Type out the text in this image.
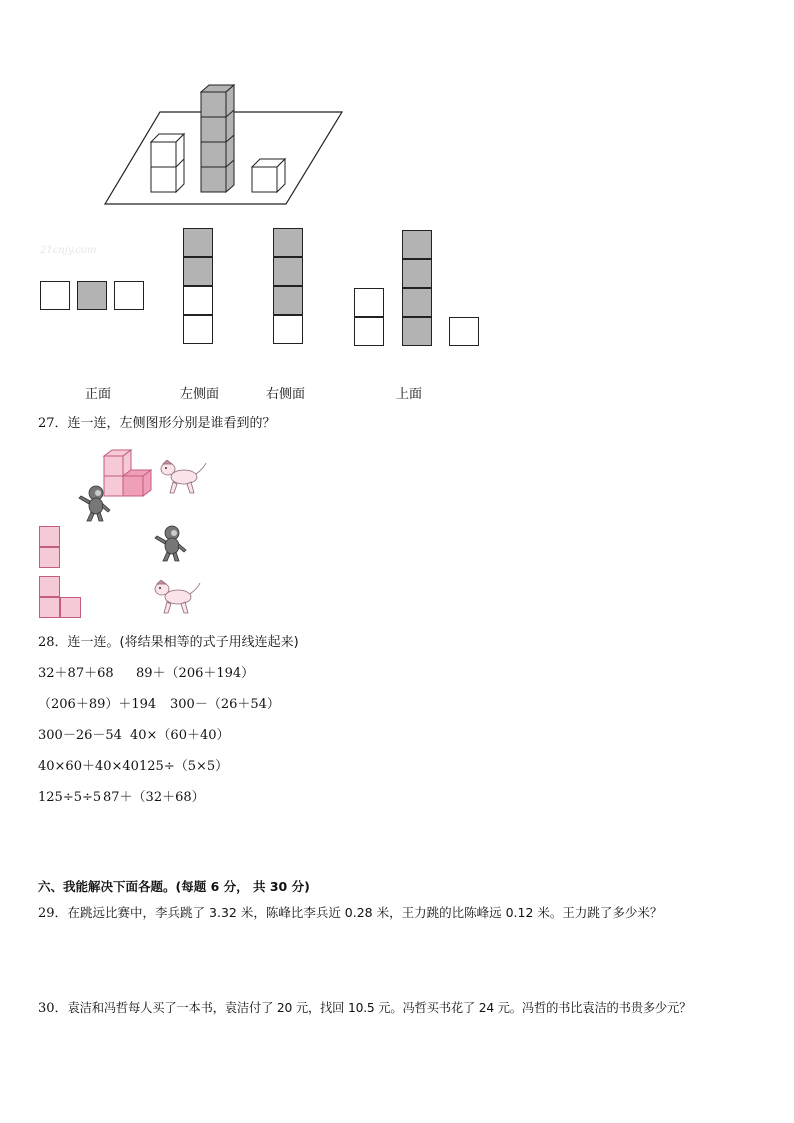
21cnjy.com
正面	左侧面	右侧面	上面
27．连一连，左侧图形分别是谁看到的？
28．连一连。(将结果相等的式子用线连起来)
32＋87＋68 89＋（206＋194）
（206＋89）＋194 300－（26＋54）
300－26－54 40×（60＋40）
40×60＋40×40 125÷（5×5）
125÷5÷5 87＋（32＋68）
六、我能解决下面各题。(每题 6 分， 共 30 分)
29．在跳远比赛中，李兵跳了 3.32 米，陈峰比李兵近 0.28 米，王力跳的比陈峰远 0.12 米。王力跳了多少米？
30．袁洁和冯哲每人买了一本书，袁洁付了 20 元，找回 10.5 元。冯哲买书花了 24 元。冯哲的书比袁洁的书贵多少元？
